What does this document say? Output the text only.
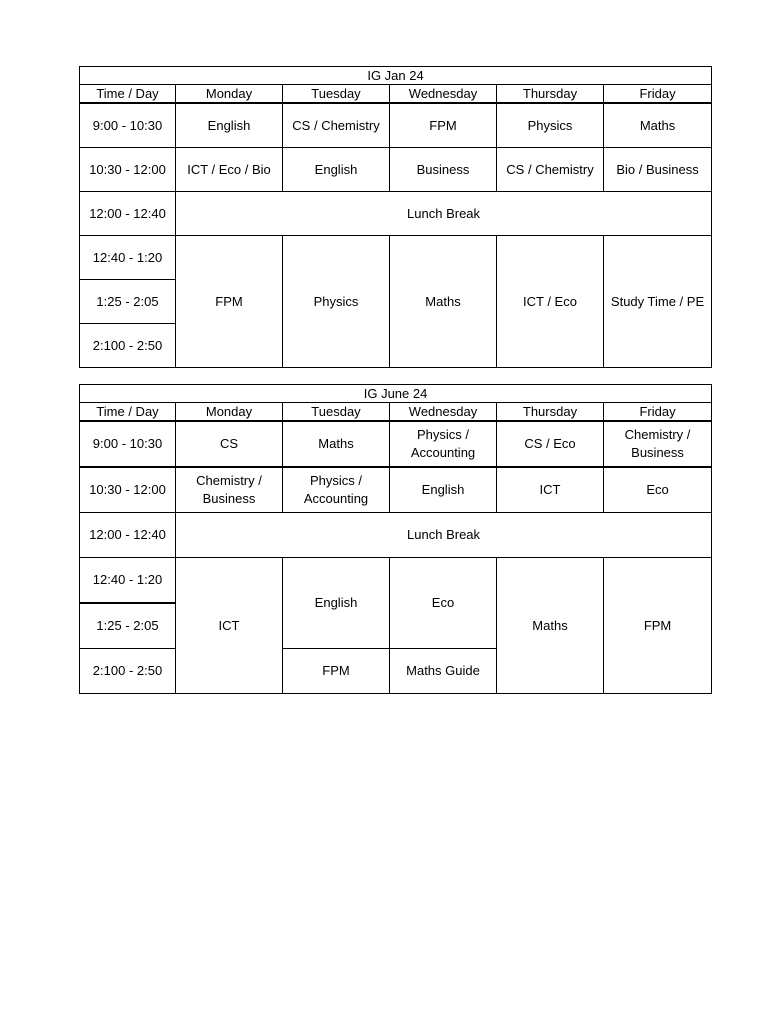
IG Jan 24					
Time / Day	Monday	Tuesday	Wednesday	Thursday	Friday
9:00 - 10:30	English	CS / Chemistry	FPM	Physics	Maths
10:30 - 12:00	ICT / Eco / Bio	English	Business	CS / Chemistry	Bio / Business
12:00 - 12:40	Lunch Break				
12:40 - 1:20	FPM	Physics	Maths	ICT / Eco	Study Time / PE
1:25 - 2:05					
2:100 - 2:50					
IG June 24					
Time / Day	Monday	Tuesday	Wednesday	Thursday	Friday
9:00 - 10:30	CS	Maths	Physics / Accounting	CS / Eco	Chemistry / Business
10:30 - 12:00	Chemistry / Business	Physics / Accounting	English	ICT	Eco
12:00 - 12:40	Lunch Break				
12:40 - 1:20	ICT	English	Eco	Maths	FPM
1:25 - 2:05					
2:100 - 2:50		FPM	Maths Guide		
